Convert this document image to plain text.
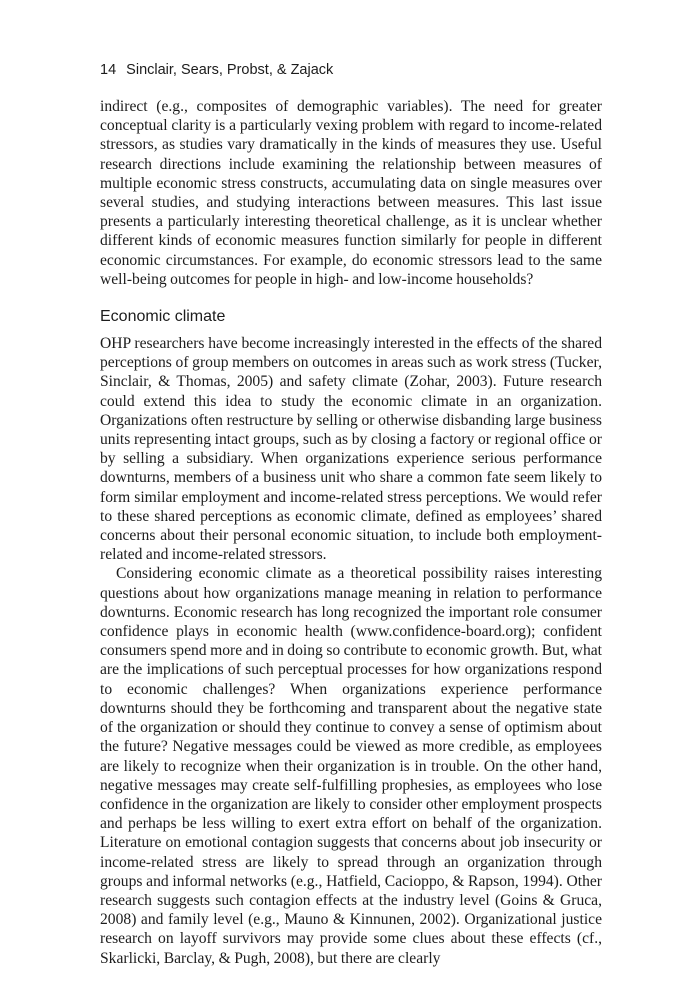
14 Sinclair, Sears, Probst, & Zajack

indirect (e.g., composites of demographic variables). The need for greater conceptual clarity is a particularly vexing problem with regard to income-related stressors, as studies vary dramatically in the kinds of measures they use. Useful research directions include examining the relationship between measures of multiple economic stress constructs, accumulating data on single measures over several studies, and studying interactions between measures. This last issue presents a particularly interesting theoretical challenge, as it is unclear whether different kinds of economic measures function similarly for people in different economic circumstances. For example, do economic stressors lead to the same well-being outcomes for people in high- and low-income households?

Economic climate

OHP researchers have become increasingly interested in the effects of the shared perceptions of group members on outcomes in areas such as work stress (Tucker, Sinclair, & Thomas, 2005) and safety climate (Zohar, 2003). Future research could extend this idea to study the economic climate in an organization. Organizations often restructure by selling or otherwise disbanding large business units representing intact groups, such as by closing a factory or regional office or by selling a subsidiary. When organizations experience serious performance downturns, members of a business unit who share a common fate seem likely to form similar employment and income-related stress perceptions. We would refer to these shared perceptions as economic climate, defined as employees’ shared concerns about their personal economic situation, to include both employment-related and income-related stressors.

Considering economic climate as a theoretical possibility raises interesting questions about how organizations manage meaning in relation to performance downturns. Economic research has long recognized the important role consumer confidence plays in economic health (www.confidence-board.org); confident consumers spend more and in doing so contribute to economic growth. But, what are the implications of such perceptual processes for how organizations respond to economic challenges? When organizations experience performance downturns should they be forthcoming and transparent about the negative state of the organization or should they continue to convey a sense of optimism about the future? Negative messages could be viewed as more credible, as employees are likely to recognize when their organization is in trouble. On the other hand, negative messages may create self-fulfilling prophesies, as employees who lose confidence in the organization are likely to consider other employment prospects and perhaps be less willing to exert extra effort on behalf of the organization. Literature on emotional contagion suggests that concerns about job insecurity or income-related stress are likely to spread through an organization through groups and informal networks (e.g., Hatfield, Cacioppo, & Rapson, 1994). Other research suggests such contagion effects at the industry level (Goins & Gruca, 2008) and family level (e.g., Mauno & Kinnunen, 2002). Organizational justice research on layoff survivors may provide some clues about these effects (cf., Skarlicki, Barclay, & Pugh, 2008), but there are clearly
